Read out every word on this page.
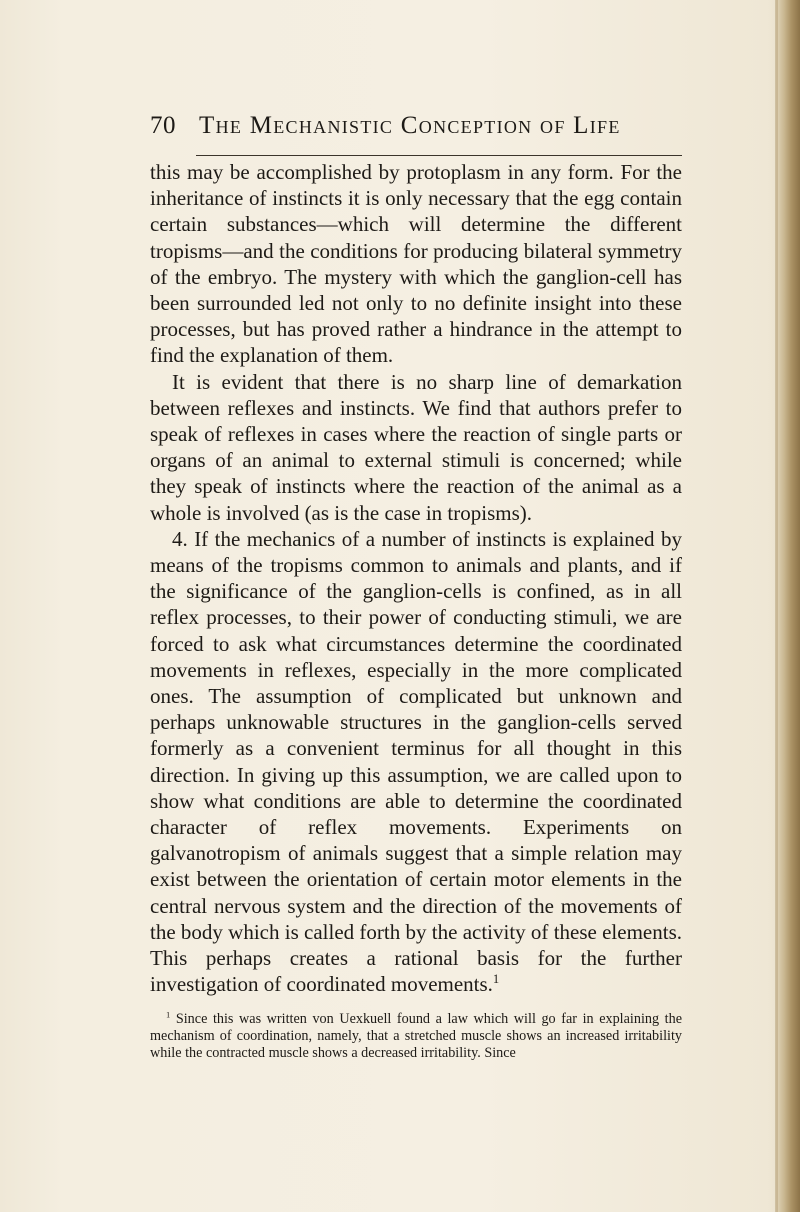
70 The Mechanistic Conception of Life

this may be accomplished by protoplasm in any form. For the inheritance of instincts it is only necessary that the egg contain certain substances—which will determine the different tropisms—and the conditions for producing bilateral symmetry of the embryo. The mystery with which the ganglion-cell has been surrounded led not only to no definite insight into these processes, but has proved rather a hindrance in the attempt to find the explanation of them.

It is evident that there is no sharp line of demarkation between reflexes and instincts. We find that authors prefer to speak of reflexes in cases where the reaction of single parts or organs of an animal to external stimuli is concerned; while they speak of instincts where the reaction of the animal as a whole is involved (as is the case in tropisms).

4. If the mechanics of a number of instincts is explained by means of the tropisms common to animals and plants, and if the significance of the ganglion-cells is confined, as in all reflex processes, to their power of conducting stimuli, we are forced to ask what circumstances determine the coordinated movements in reflexes, especially in the more complicated ones. The assumption of complicated but unknown and perhaps unknowable structures in the ganglion-cells served formerly as a convenient terminus for all thought in this direction. In giving up this assumption, we are called upon to show what conditions are able to determine the coordinated character of reflex movements. Experiments on galvanotropism of animals suggest that a simple relation may exist between the orientation of certain motor elements in the central nervous system and the direction of the movements of the body which is called forth by the activity of these elements. This perhaps creates a rational basis for the further investigation of coordinated movements.$^1$

$^1$ Since this was written von Uexkuell found a law which will go far in explaining the mechanism of coordination, namely, that a stretched muscle shows an increased irritability while the contracted muscle shows a decreased irritability. Since
